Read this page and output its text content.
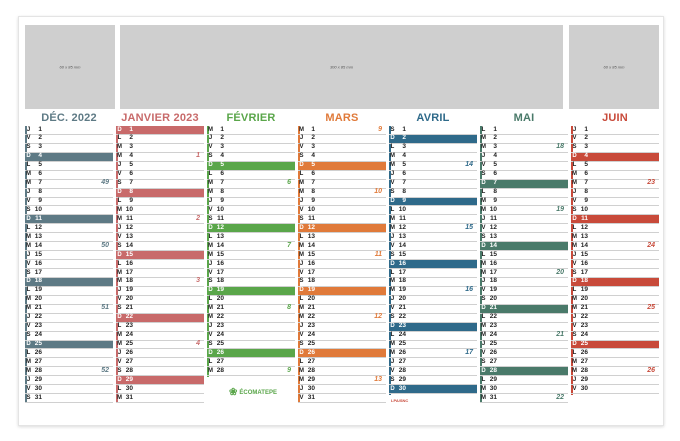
60 x 85 mm	300 x 85 mm	60 x 85 mm
DÉC. 2022
J	1
V	2
S	3
D	4
L	5
M	6
M	7	49
J	8
V	9
S 10
D 11
L 12
M 13
M 14	50
J 15
V 16
S 17
D 18
L 19
M 20
M 21	51
J 22
V 23
S 24
D 25
L 26
M 27
M 28	52
J 29
V 30
S 31
JANVIER 2023
D	1
L	2
M	3
M	4	1
J	5
V	6
S	7
D	8
L	9
M 10
M 11	2
J 12
V 13
S 14
D 15
L 16
M 17
M 18	3
J 19
V 20
S 21
D 22
L 23
M 24
M 25	4
J 26
V 27
S 28
D 29
L 30
M 31
FÉVRIER
M	1
J	2
V	3
S	4
D	5
L	6
M	7	6
M	8
J	9
V 10
S 11
D 12
L 13
M 14	7
M 15
J 16
V 17
S 18
D 19
L 20
M 21	8
M 22
J 23
V 24
S 25
D 26
L 27
M 28	9
MARS
M	1	9
J	2
V	3
S	4
D	5
L	6
M	7
M	8	10
J	9
V 10
S 11
D 12
L 13
M 14
M 15	11
J 16
V 17
S 18
D 19
L 20
M 21
M 22	12
J 23
V 24
S 25
D 26
L 27
M 28
M 29	13
J 30
V 31
AVRIL
S	1
D	2
L	3
M	4
M	5	14
J	6
V	7
S	8
D	9
L 10
M 11
M 12	15
J 13
V 14
S 15
D 16
L 17
M 18
M 19	16
J 20
V 21
S 22
D 23
L 24
M 25
M 26	17
J 27
V 28
S 29
D 30
MAI
L	1
M	2
M	3	18
J	4
V	5
S	6
D	7
L	8
M	9
M 10	19
J 11
V 12
S 13
D 14
L 15
M 16
M 17	20
J 18
V 19
S 20
D 21
L 22
M 23
M 24	21
J 25
V 26
S 27
D 28
L 29
M 30
M 31	22
JUIN
J	1
V	2
S	3
D	4
L	5
M	6
M	7	23
J	8
V	9
S 10
D 11
L 12
M 13
M 14	24
J 15
V 16
S 17
D 18
L 19
M 20
M 21	25
J 22
V 23
S 24
D 25
L 26
M 27
M 28	26
J 29
V 30
❀ ÉCOMATEPE
LPA/SNC
